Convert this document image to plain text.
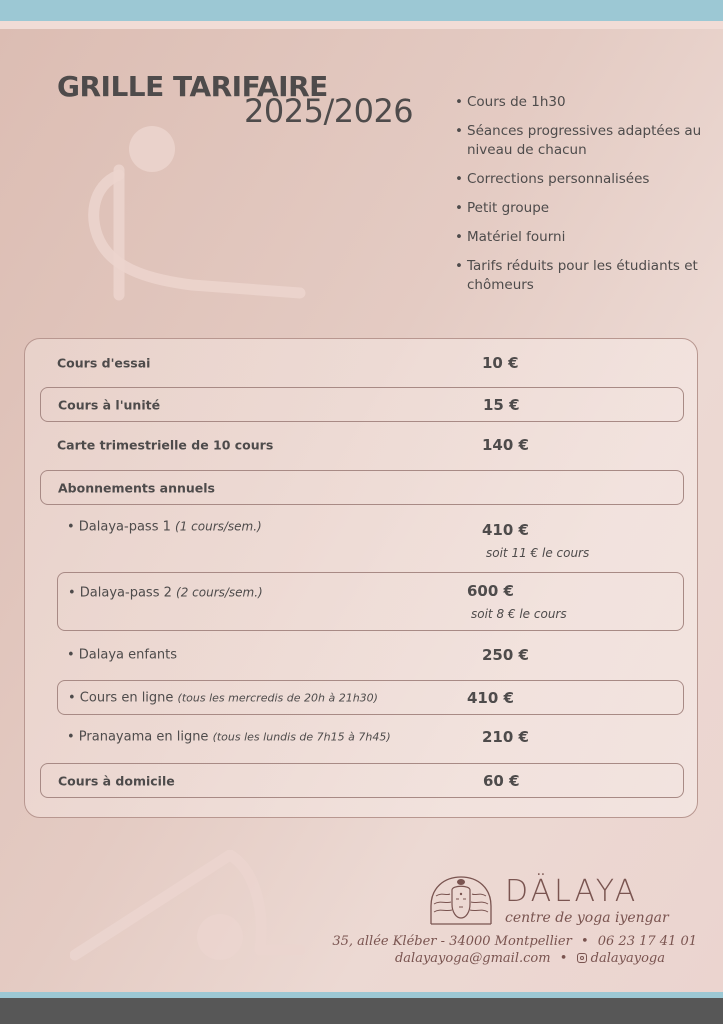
GRILLE TARIFAIRE
2025/2026	• Cours de 1h30
• Séances progressives adaptées au niveau de chacun
• Corrections personnalisées
• Petit groupe
• Matériel fourni
• Tarifs réduits pour les étudiants et chômeurs
Cours d'essai	10 €
Cours à l'unité	15 €
Carte trimestrielle de 10 cours	140 €
Abonnements annuels
• Dalaya-pass 1 (1 cours/sem.)	410 €
soit 11 € le cours
• Dalaya-pass 2 (2 cours/sem.)	600 €
soit 8 € le cours
• Dalaya enfants	250 €
• Cours en ligne (tous les mercredis de 20h à 21h30)	410 €
• Pranayama en ligne (tous les lundis de 7h15 à 7h45)	210 €
Cours à domicile	60 €
DÄLAYA
centre de yoga iyengar
35, allée Kléber - 34000 Montpellier • 06 23 17 41 01
dalayayoga@gmail.com • dalayayoga
